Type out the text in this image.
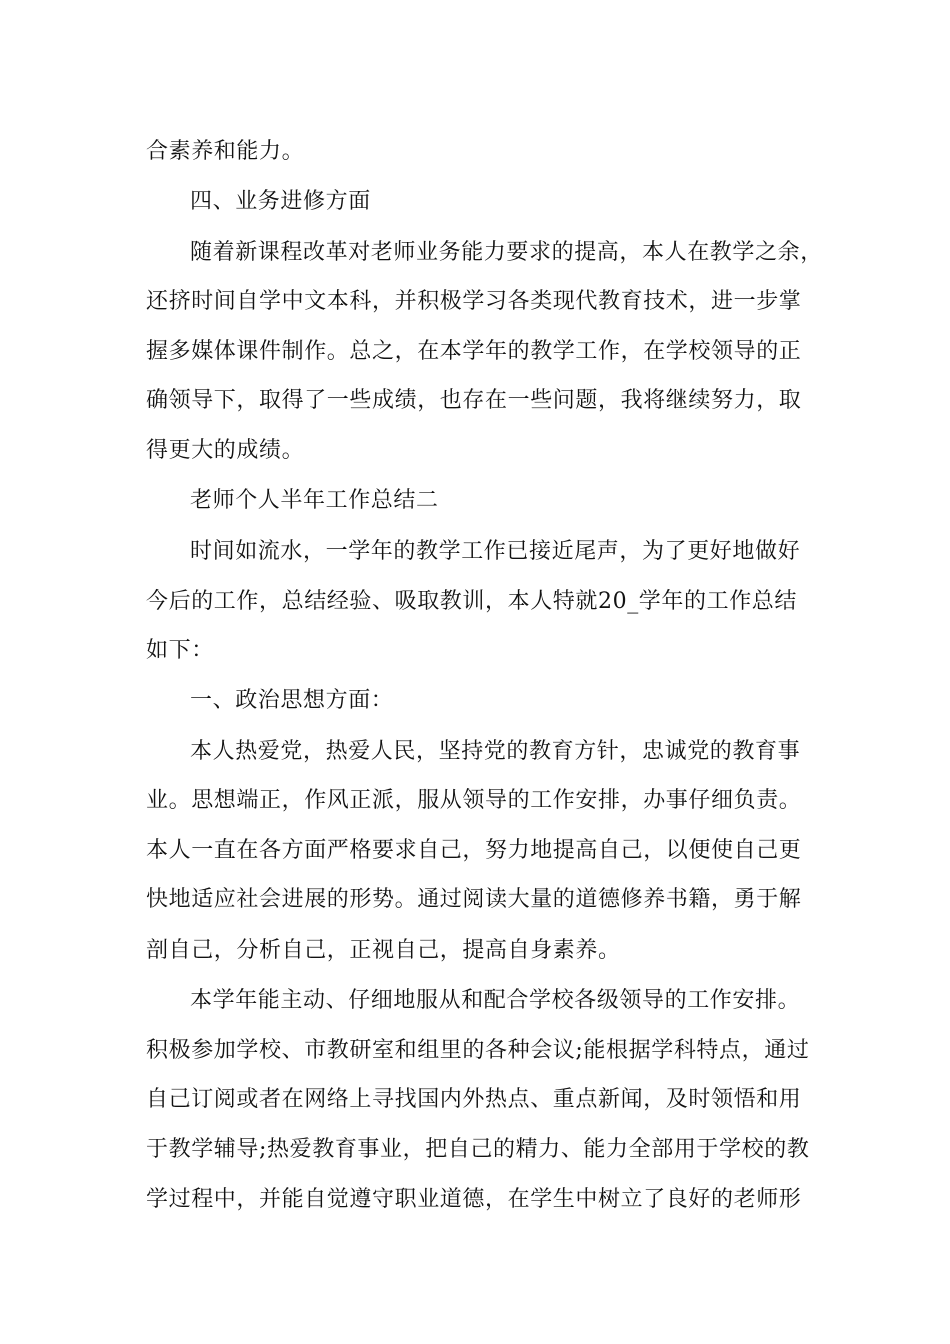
合素养和能力。
四、业务进修方面
随着新课程改革对老师业务能力要求的提高，本人在教学之余，
还挤时间自学中文本科，并积极学习各类现代教育技术，进一步掌
握多媒体课件制作。总之，在本学年的教学工作，在学校领导的正
确领导下，取得了一些成绩，也存在一些问题，我将继续努力，取
得更大的成绩。
老师个人半年工作总结二
时间如流水，一学年的教学工作已接近尾声，为了更好地做好
今后的工作，总结经验、吸取教训，本人特就20_学年的工作总结
如下：
一、政治思想方面：
本人热爱党，热爱人民，坚持党的教育方针，忠诚党的教育事
业。思想端正，作风正派，服从领导的工作安排，办事仔细负责。
本人一直在各方面严格要求自己，努力地提高自己，以便使自己更
快地适应社会进展的形势。通过阅读大量的道德修养书籍，勇于解
剖自己，分析自己，正视自己，提高自身素养。
本学年能主动、仔细地服从和配合学校各级领导的工作安排。
积极参加学校、市教研室和组里的各种会议;能根据学科特点，通过
自己订阅或者在网络上寻找国内外热点、重点新闻，及时领悟和用
于教学辅导;热爱教育事业，把自己的精力、能力全部用于学校的教
学过程中，并能自觉遵守职业道德，在学生中树立了良好的老师形
